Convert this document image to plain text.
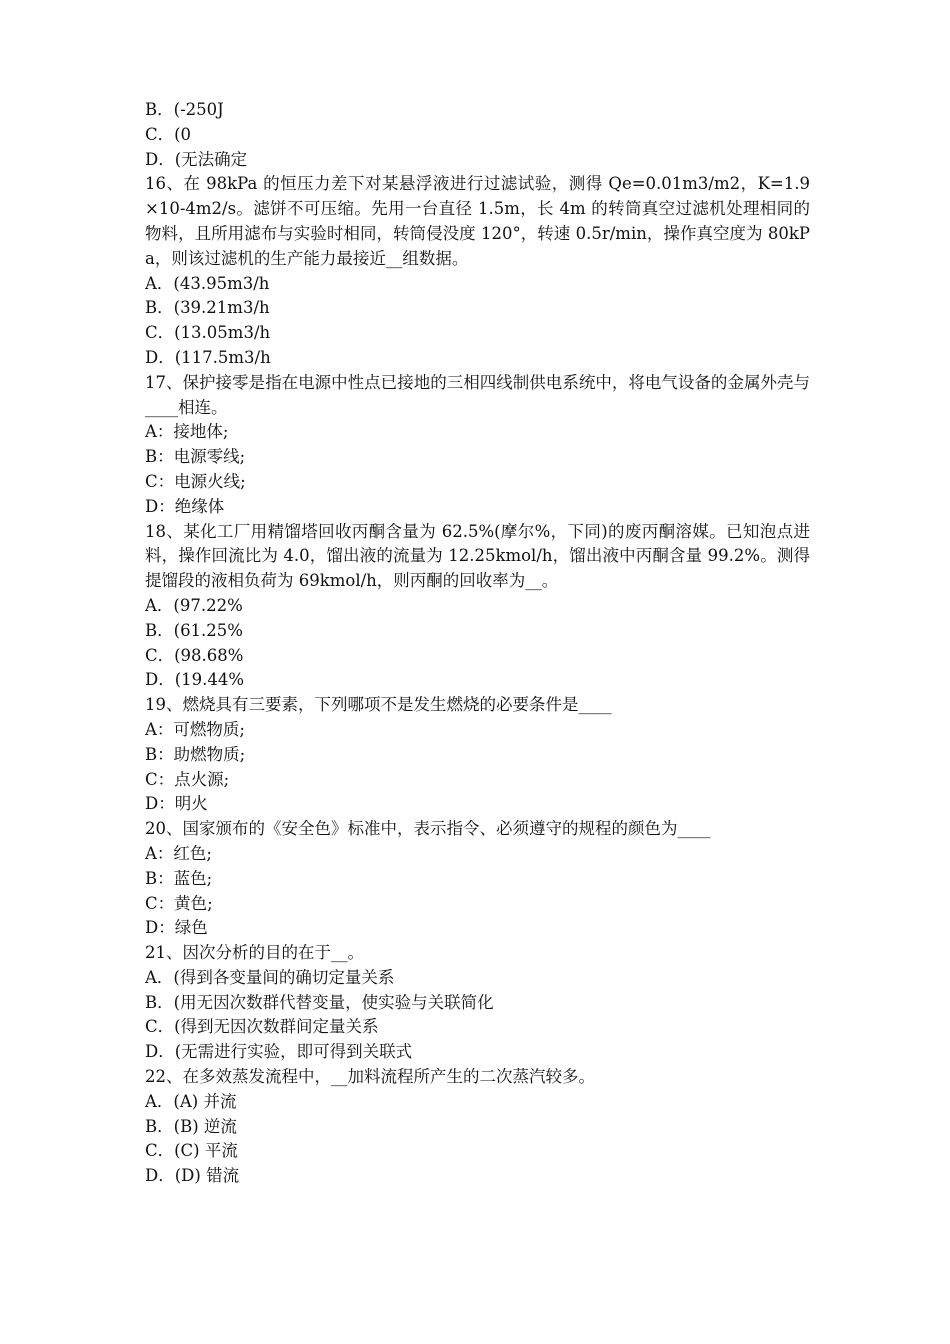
B．(-250J

C．(0

D．(无法确定

16、在 98kPa 的恒压力差下对某悬浮液进行过滤试验，测得 Qe=0.01m3/m2，K=1.9×10-4m2/s。滤饼不可压缩。先用一台直径 1.5m，长 4m 的转筒真空过滤机处理相同的物料，且所用滤布与实验时相同，转筒侵没度 120°，转速 0.5r/min，操作真空度为 80kPa，则该过滤机的生产能力最接近__组数据。

A．(43.95m3/h

B．(39.21m3/h

C．(13.05m3/h

D．(117.5m3/h

17、保护接零是指在电源中性点已接地的三相四线制供电系统中，将电气设备的金属外壳与____相连。

A：接地体;

B：电源零线;

C：电源火线;

D：绝缘体

18、某化工厂用精馏塔回收丙酮含量为 62.5%(摩尔%，下同)的废丙酮溶媒。已知泡点进料，操作回流比为 4.0，馏出液的流量为 12.25kmol/h，馏出液中丙酮含量 99.2%。测得提馏段的液相负荷为 69kmol/h，则丙酮的回收率为__。

A．(97.22%

B．(61.25%

C．(98.68%

D．(19.44%

19、燃烧具有三要素，下列哪项不是发生燃烧的必要条件是____

A：可燃物质;

B：助燃物质;

C：点火源;

D：明火

20、国家颁布的《安全色》标准中，表示指令、必须遵守的规程的颜色为____

A：红色;

B：蓝色;

C：黄色;

D：绿色

21、因次分析的目的在于__。

A．(得到各变量间的确切定量关系

B．(用无因次数群代替变量，使实验与关联简化

C．(得到无因次数群间定量关系

D．(无需进行实验，即可得到关联式

22、在多效蒸发流程中，__加料流程所产生的二次蒸汽较多。

A．(A) 并流

B．(B) 逆流

C．(C) 平流

D．(D) 错流
